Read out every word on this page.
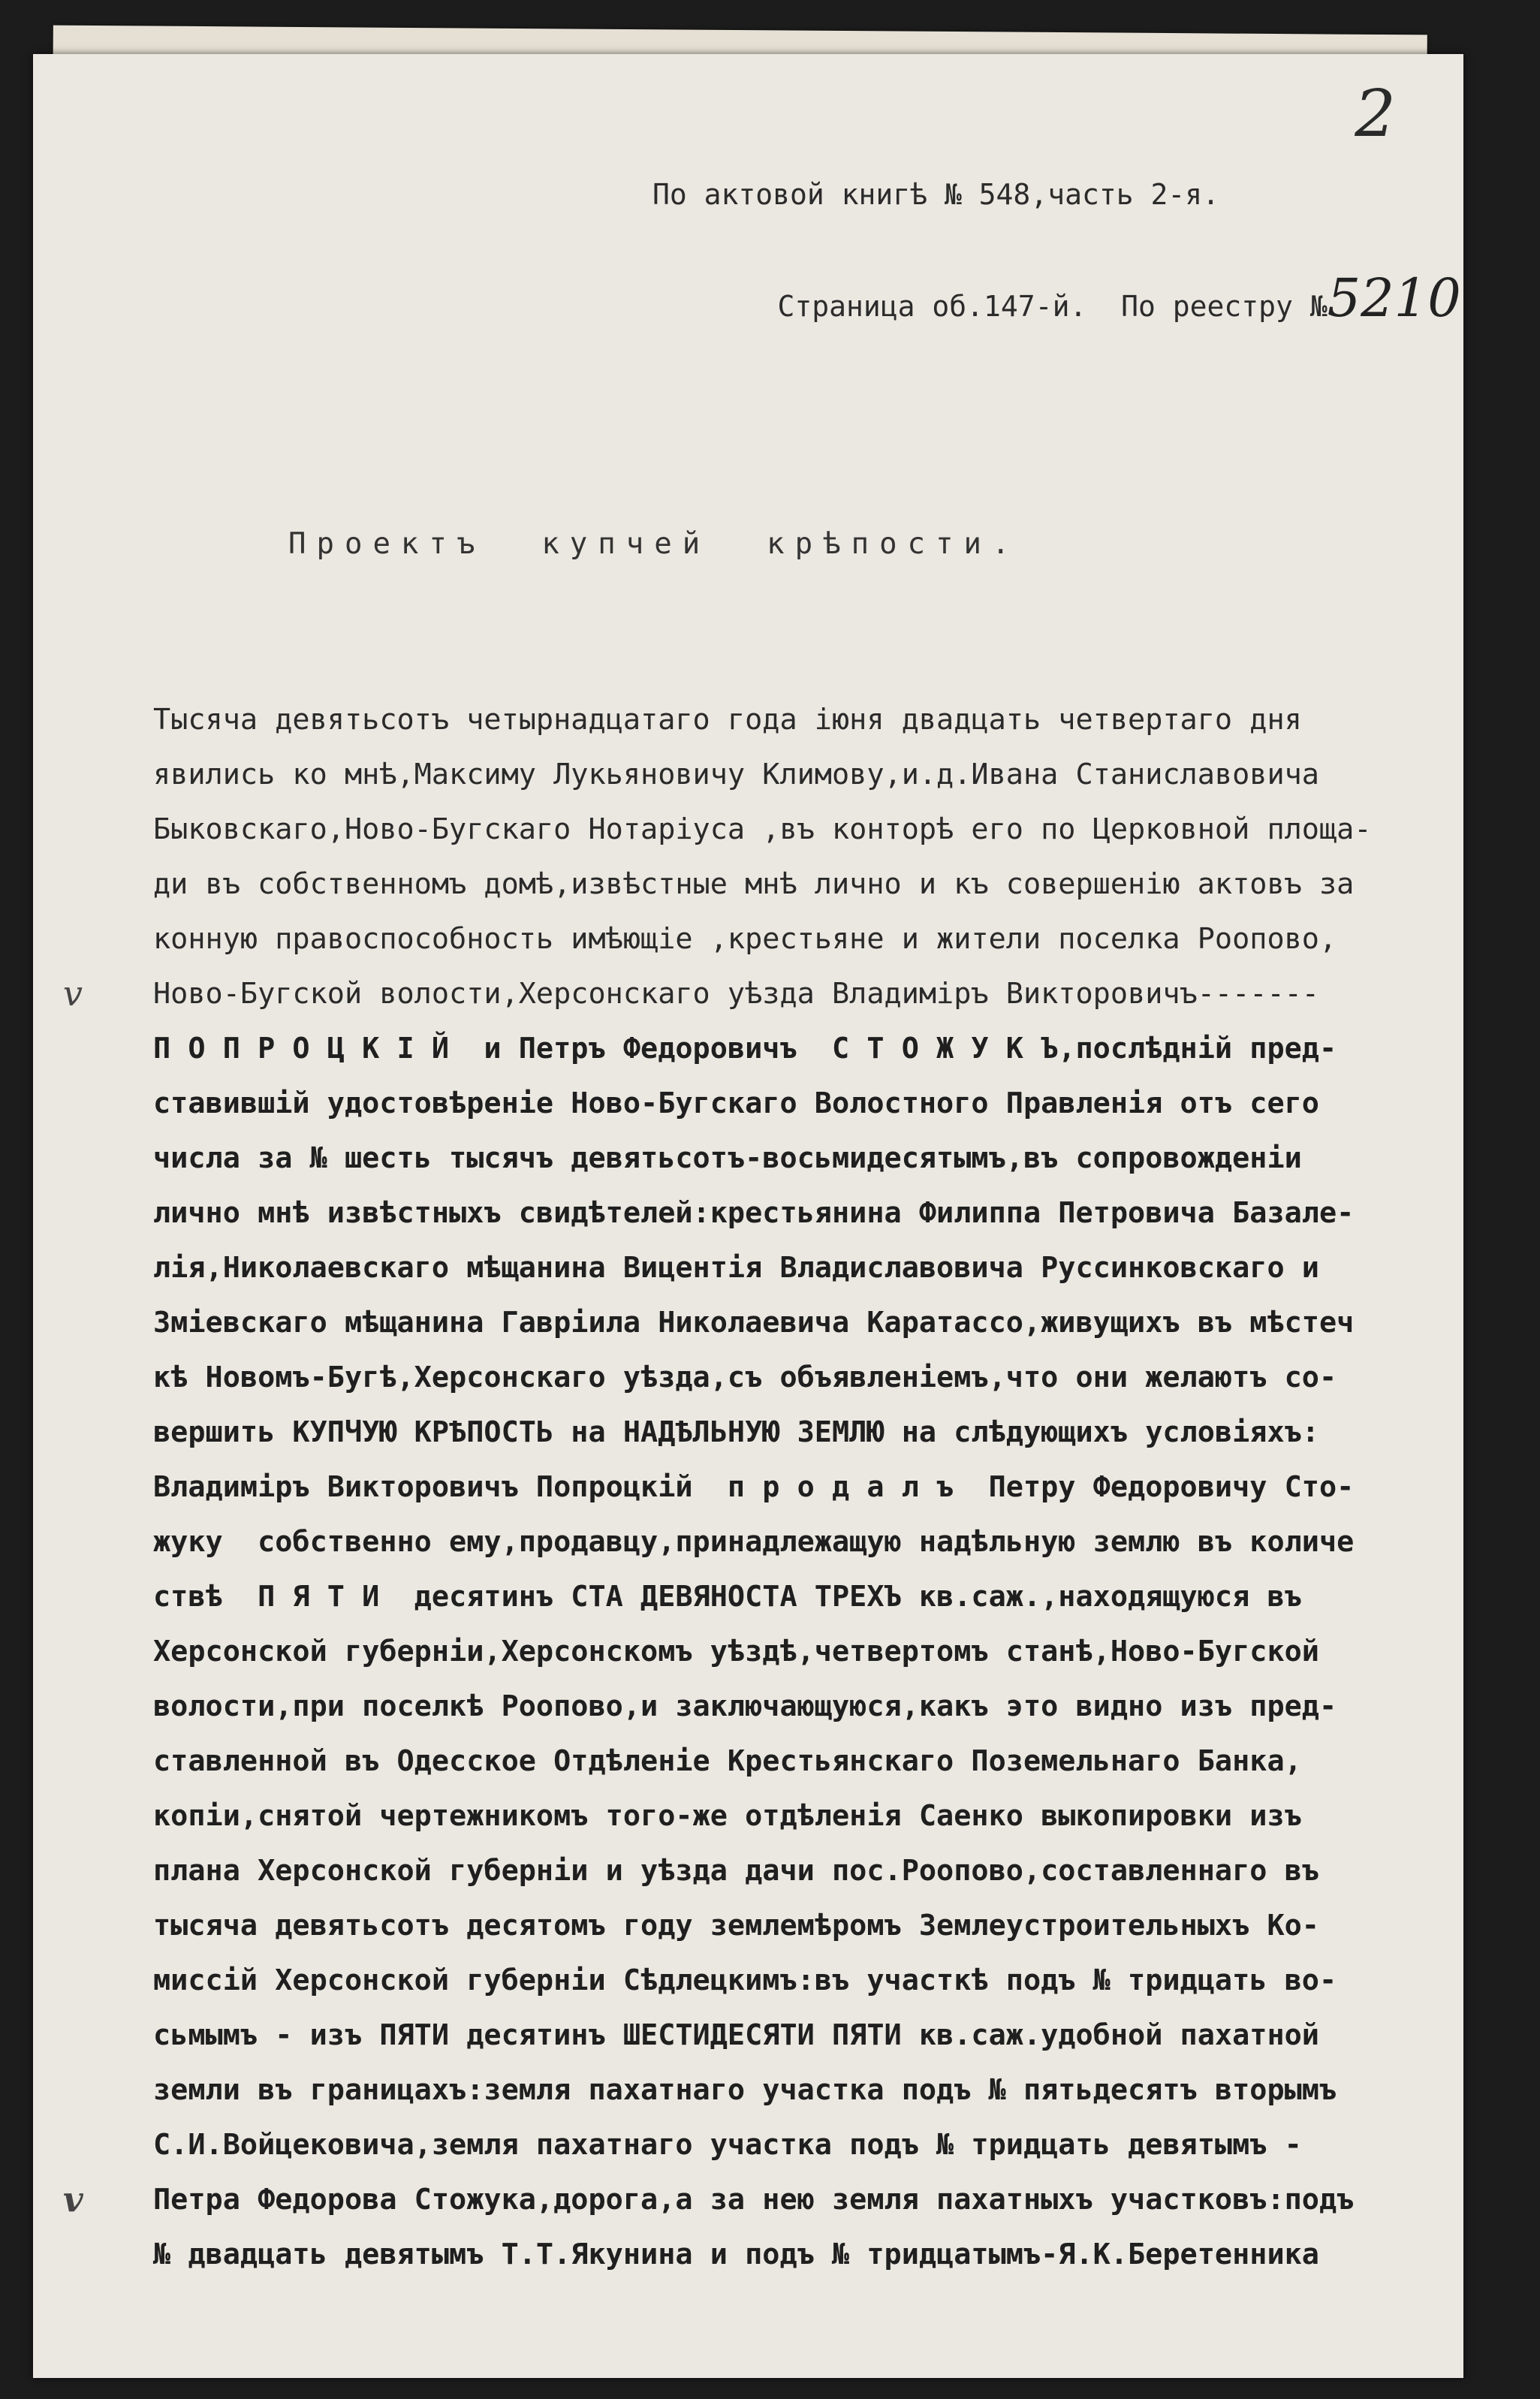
2
По актовой книгѣ № 548,часть 2-я.

Страница об.147-й.  По реестру №5210

Проектъ  купчей  крѣпости.
Тысяча девятьсотъ четырнадцатаго года iюня двадцать четвертаго дня
явились ко мнѣ,Максиму Лукьяновичу Климову,и.д.Ивана Станиславовича
Быковскаго,Ново-Бугскаго Нотарiуса ,въ конторѣ его по Церковной площа-
ди въ собственномъ домѣ,извѣстные мнѣ лично и къ совершенiю актовъ за
конную правоспособность имѣющiе ,крестьяне и жители поселка Роопово,
v Ново-Бугской волости,Херсонскаго уѣзда Владимiръ Викторовичъ-------
П О П Р О Ц К I Й  и Петръ Федоровичъ  С Т О Ж У К Ъ,послѣднiй пред-
ставившiй удостовѣренiе Ново-Бугскаго Волостного Правленiя отъ сего
числа за № шесть тысячъ девятьсотъ-восьмидесятымъ,въ сопровожденiи
лично мнѣ извѣстныхъ свидѣтелей:крестьянина Филиппа Петровича Базале-
лiя,Николаевскаго мѣщанина Вицентiя Владиславовича Руссинковскаго и
Змiевскаго мѣщанина Гаврiила Николаевича Каратассо,живущихъ въ мѣстеч
кѣ Новомъ-Бугѣ,Херсонскаго уѣзда,съ объявленiемъ,что они желаютъ со-
вершить КУПЧУЮ КРѢПОСТЬ на НАДѢЛЬНУЮ ЗЕМЛЮ на слѣдующихъ условiяхъ:
Владимiръ Викторовичъ Попроцкiй  п р о д а л ъ  Петру Федоровичу Сто-
жуку  собственно ему,продавцу,принадлежащую надѣльную землю въ количе
ствѣ  П Я Т И  десятинъ СТА ДЕВЯНОСТА ТРЕХЪ кв.саж.,находящуюся въ
Херсонской губернiи,Херсонскомъ уѣздѣ,четвертомъ станѣ,Ново-Бугской
волости,при поселкѣ Роопово,и заключающуюся,какъ это видно изъ пред-
ставленной въ Одесское Отдѣленiе Крестьянскаго Поземельнаго Банка,
копiи,снятой чертежникомъ того-же отдѣленiя Саенко выкопировки изъ
плана Херсонской губернiи и уѣзда дачи пос.Роопово,составленнаго въ
тысяча девятьсотъ десятомъ году землемѣромъ Землеустроительныхъ Ко-
миссiй Херсонской губернiи Сѣдлецкимъ:въ участкѣ подъ № тридцать во-
сьмымъ - изъ ПЯТИ десятинъ ШЕСТИДЕСЯТИ ПЯТИ кв.саж.удобной пахатной
земли въ границахъ:земля пахатнаго участка подъ № пятьдесятъ вторымъ
С.И.Войцековича,земля пахатнаго участка подъ № тридцать девятымъ -
v Петра Федорова Стожука,дорога,а за нею земля пахатныхъ участковъ:подъ
№ двадцать девятымъ Т.Т.Якунина и подъ № тридцатымъ-Я.К.Беретенника
